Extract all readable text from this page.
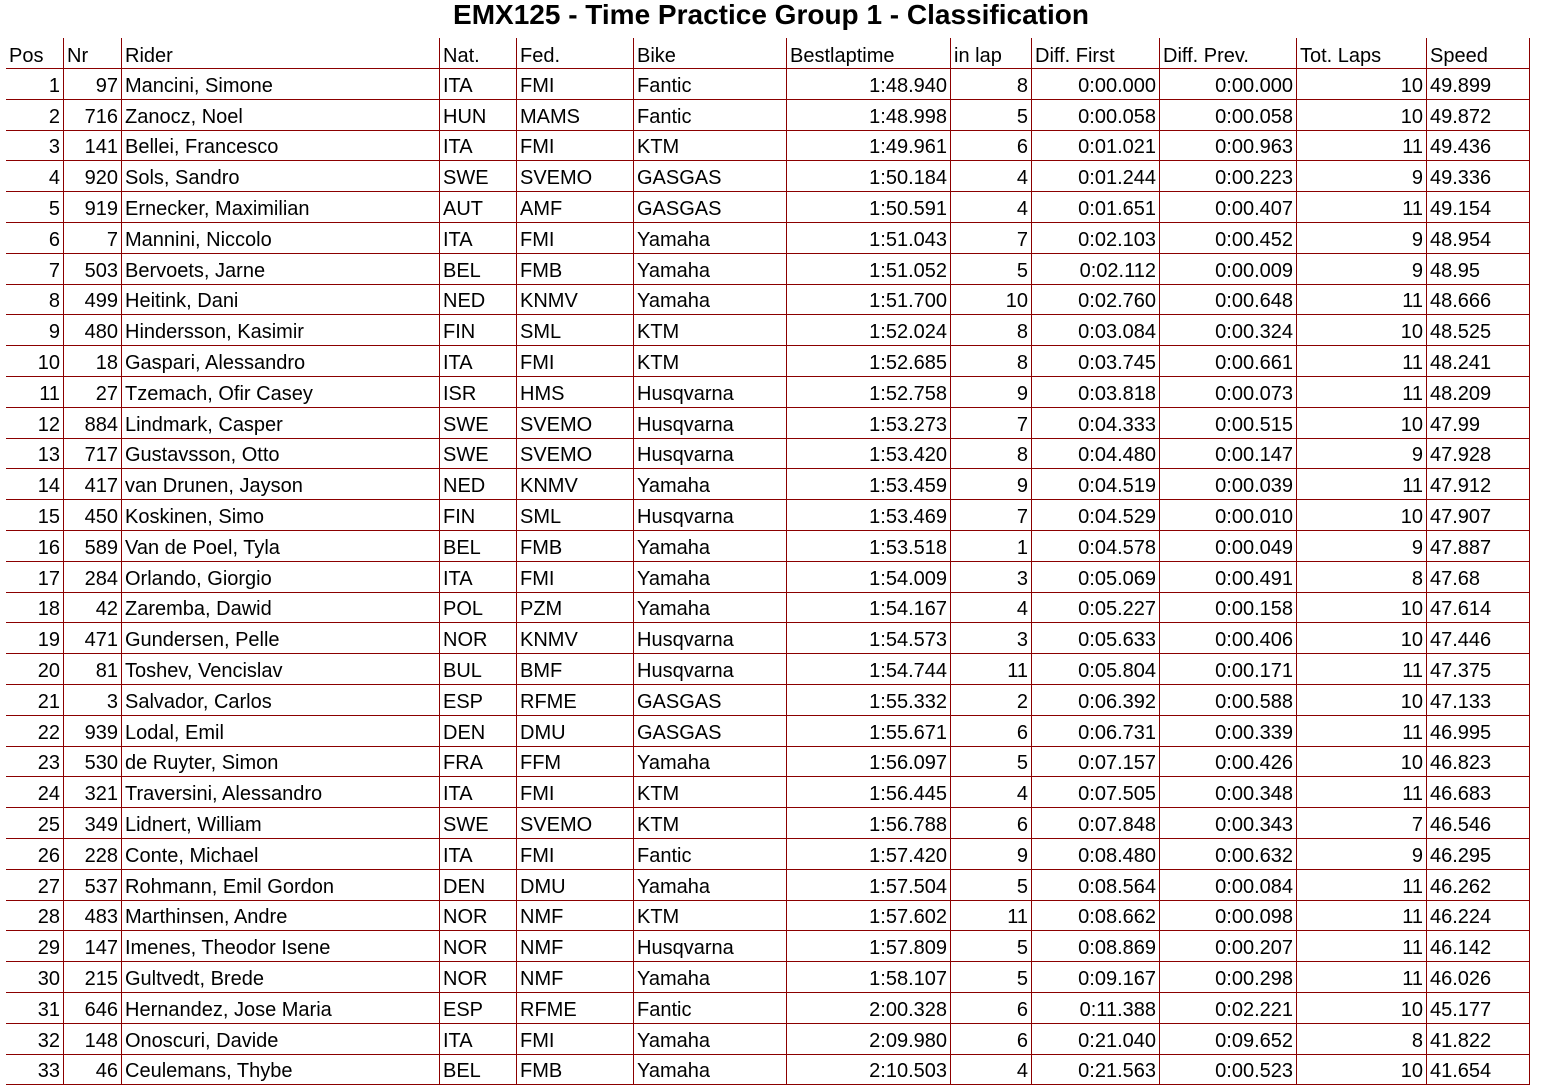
EMX125 - Time Practice Group 1 - Classification
Pos	Nr	Rider	Nat.	Fed.	Bike	Bestlaptime	in lap	Diff. First	Diff. Prev.	Tot. Laps	Speed
1	97	Mancini, Simone	ITA	FMI	Fantic	1:48.940	8	0:00.000	0:00.000	10	49.899
2	716	Zanocz, Noel	HUN	MAMS	Fantic	1:48.998	5	0:00.058	0:00.058	10	49.872
3	141	Bellei, Francesco	ITA	FMI	KTM	1:49.961	6	0:01.021	0:00.963	11	49.436
4	920	Sols, Sandro	SWE	SVEMO	GASGAS	1:50.184	4	0:01.244	0:00.223	9	49.336
5	919	Ernecker, Maximilian	AUT	AMF	GASGAS	1:50.591	4	0:01.651	0:00.407	11	49.154
6	7	Mannini, Niccolo	ITA	FMI	Yamaha	1:51.043	7	0:02.103	0:00.452	9	48.954
7	503	Bervoets, Jarne	BEL	FMB	Yamaha	1:51.052	5	0:02.112	0:00.009	9	48.95
8	499	Heitink, Dani	NED	KNMV	Yamaha	1:51.700	10	0:02.760	0:00.648	11	48.666
9	480	Hindersson, Kasimir	FIN	SML	KTM	1:52.024	8	0:03.084	0:00.324	10	48.525
10	18	Gaspari, Alessandro	ITA	FMI	KTM	1:52.685	8	0:03.745	0:00.661	11	48.241
11	27	Tzemach, Ofir Casey	ISR	HMS	Husqvarna	1:52.758	9	0:03.818	0:00.073	11	48.209
12	884	Lindmark, Casper	SWE	SVEMO	Husqvarna	1:53.273	7	0:04.333	0:00.515	10	47.99
13	717	Gustavsson, Otto	SWE	SVEMO	Husqvarna	1:53.420	8	0:04.480	0:00.147	9	47.928
14	417	van Drunen, Jayson	NED	KNMV	Yamaha	1:53.459	9	0:04.519	0:00.039	11	47.912
15	450	Koskinen, Simo	FIN	SML	Husqvarna	1:53.469	7	0:04.529	0:00.010	10	47.907
16	589	Van de Poel, Tyla	BEL	FMB	Yamaha	1:53.518	1	0:04.578	0:00.049	9	47.887
17	284	Orlando, Giorgio	ITA	FMI	Yamaha	1:54.009	3	0:05.069	0:00.491	8	47.68
18	42	Zaremba, Dawid	POL	PZM	Yamaha	1:54.167	4	0:05.227	0:00.158	10	47.614
19	471	Gundersen, Pelle	NOR	KNMV	Husqvarna	1:54.573	3	0:05.633	0:00.406	10	47.446
20	81	Toshev, Vencislav	BUL	BMF	Husqvarna	1:54.744	11	0:05.804	0:00.171	11	47.375
21	3	Salvador, Carlos	ESP	RFME	GASGAS	1:55.332	2	0:06.392	0:00.588	10	47.133
22	939	Lodal, Emil	DEN	DMU	GASGAS	1:55.671	6	0:06.731	0:00.339	11	46.995
23	530	de Ruyter, Simon	FRA	FFM	Yamaha	1:56.097	5	0:07.157	0:00.426	10	46.823
24	321	Traversini, Alessandro	ITA	FMI	KTM	1:56.445	4	0:07.505	0:00.348	11	46.683
25	349	Lidnert, William	SWE	SVEMO	KTM	1:56.788	6	0:07.848	0:00.343	7	46.546
26	228	Conte, Michael	ITA	FMI	Fantic	1:57.420	9	0:08.480	0:00.632	9	46.295
27	537	Rohmann, Emil Gordon	DEN	DMU	Yamaha	1:57.504	5	0:08.564	0:00.084	11	46.262
28	483	Marthinsen, Andre	NOR	NMF	KTM	1:57.602	11	0:08.662	0:00.098	11	46.224
29	147	Imenes, Theodor Isene	NOR	NMF	Husqvarna	1:57.809	5	0:08.869	0:00.207	11	46.142
30	215	Gultvedt, Brede	NOR	NMF	Yamaha	1:58.107	5	0:09.167	0:00.298	11	46.026
31	646	Hernandez, Jose Maria	ESP	RFME	Fantic	2:00.328	6	0:11.388	0:02.221	10	45.177
32	148	Onoscuri, Davide	ITA	FMI	Yamaha	2:09.980	6	0:21.040	0:09.652	8	41.822
33	46	Ceulemans, Thybe	BEL	FMB	Yamaha	2:10.503	4	0:21.563	0:00.523	10	41.654
